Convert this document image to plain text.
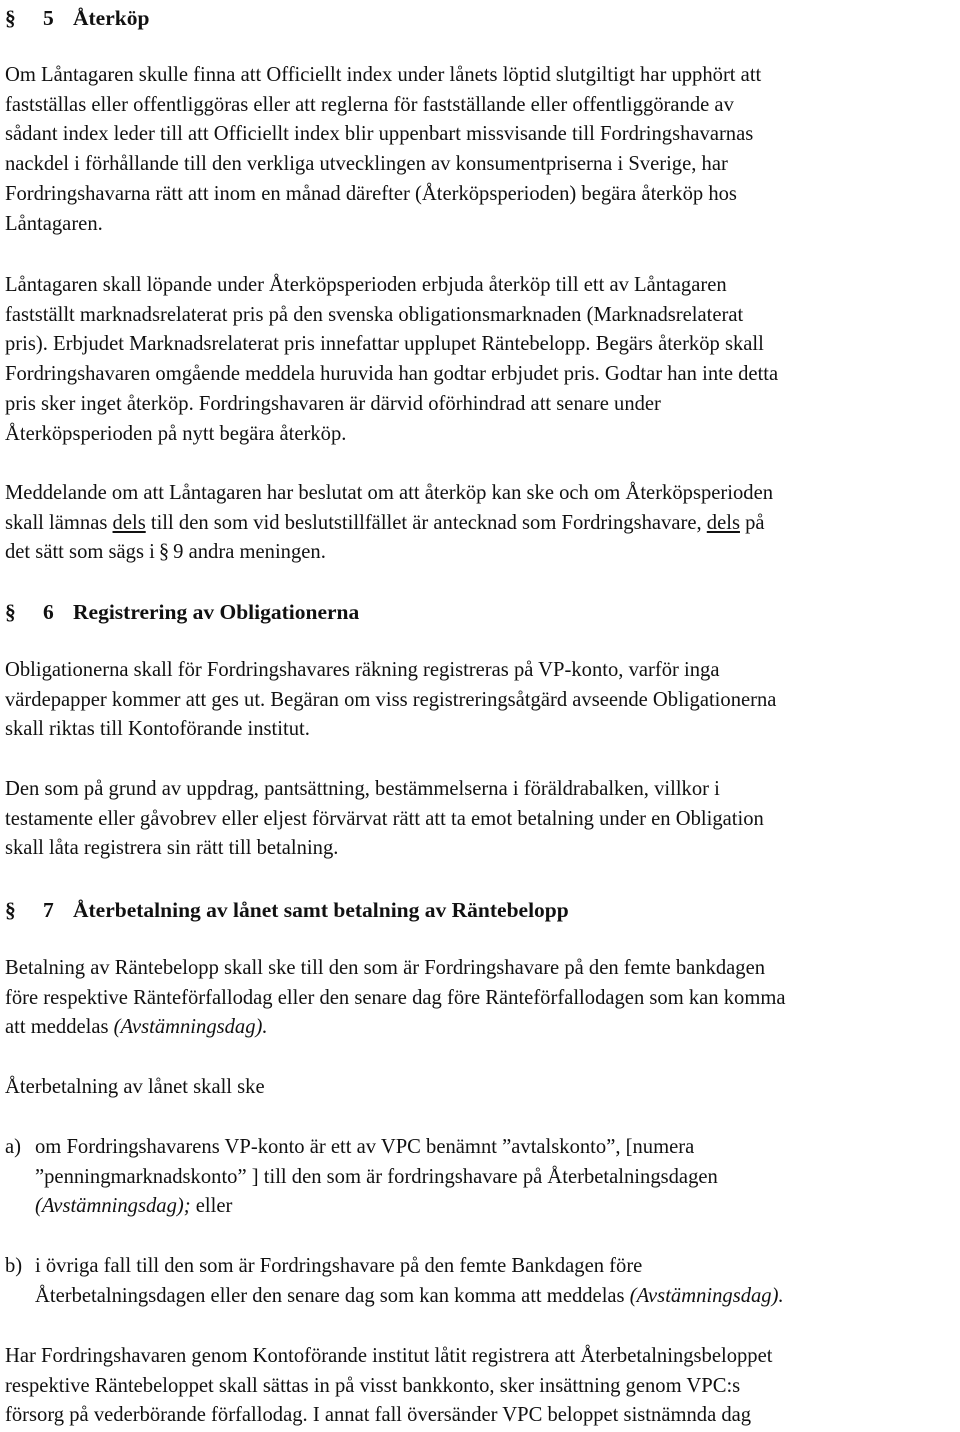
§ 5 Återköp
Om Låntagaren skulle finna att Officiellt index under lånets löptid slutgiltigt har upphört att
fastställas eller offentliggöras eller att reglerna för fastställande eller offentliggörande av
sådant index leder till att Officiellt index blir uppenbart missvisande till Fordringshavarnas
nackdel i förhållande till den verkliga utvecklingen av konsumentpriserna i Sverige, har
Fordringshavarna rätt att inom en månad därefter (Återköpsperioden) begära återköp hos
Låntagaren.
Låntagaren skall löpande under Återköpsperioden erbjuda återköp till ett av Låntagaren
fastställt marknadsrelaterat pris på den svenska obligationsmarknaden (Marknadsrelaterat
pris). Erbjudet Marknadsrelaterat pris innefattar upplupet Räntebelopp. Begärs återköp skall
Fordringshavaren omgående meddela huruvida han godtar erbjudet pris. Godtar han inte detta
pris sker inget återköp. Fordringshavaren är därvid oförhindrad att senare under
Återköpsperioden på nytt begära återköp.
Meddelande om att Låntagaren har beslutat om att återköp kan ske och om Återköpsperioden
skall lämnas dels till den som vid beslutstillfället är antecknad som Fordringshavare, dels på
det sätt som sägs i § 9 andra meningen.
§ 6 Registrering av Obligationerna
Obligationerna skall för Fordringshavares räkning registreras på VP-konto, varför inga
värdepapper kommer att ges ut. Begäran om viss registreringsåtgärd avseende Obligationerna
skall riktas till Kontoförande institut.
Den som på grund av uppdrag, pantsättning, bestämmelserna i föräldrabalken, villkor i
testamente eller gåvobrev eller eljest förvärvat rätt att ta emot betalning under en Obligation
skall låta registrera sin rätt till betalning.
§ 7 Återbetalning av lånet samt betalning av Räntebelopp
Betalning av Räntebelopp skall ske till den som är Fordringshavare på den femte bankdagen
före respektive Ränteförfallodag eller den senare dag före Ränteförfallodagen som kan komma
att meddelas (Avstämningsdag).
Återbetalning av lånet skall ske
a) om Fordringshavarens VP-konto är ett av VPC benämnt ”avtalskonto”, [numera
”penningmarknadskonto” ] till den som är fordringshavare på Återbetalningsdagen
(Avstämningsdag); eller
b) i övriga fall till den som är Fordringshavare på den femte Bankdagen före
Återbetalningsdagen eller den senare dag som kan komma att meddelas (Avstämningsdag).
Har Fordringshavaren genom Kontoförande institut låtit registrera att Återbetalningsbeloppet
respektive Räntebeloppet skall sättas in på visst bankkonto, sker insättning genom VPC:s
försorg på vederbörande förfallodag. I annat fall översänder VPC beloppet sistnämnda dag
